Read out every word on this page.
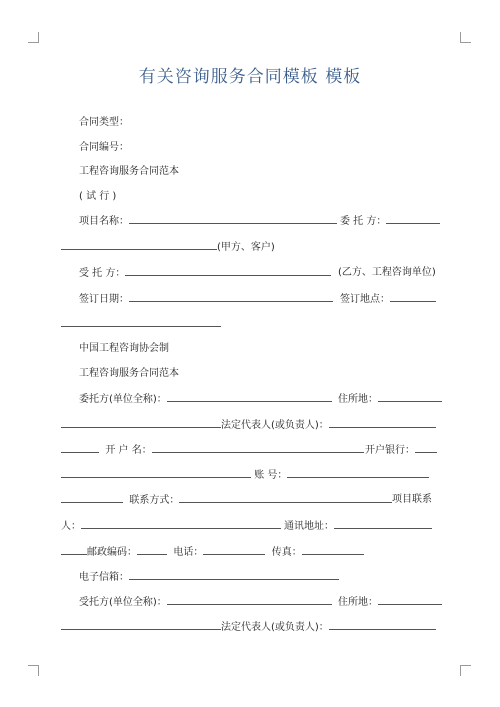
有关咨询服务合同模板 模板
合同类型：
合同编号：
工程咨询服务合同范本
( 试 行 )
项目名称：	委 托 方：
(甲方、客户)
受 托 方：	(乙方、工程咨询单位)
签订日期：	签订地点：
中国工程咨询协会制
工程咨询服务合同范本
委托方(单位全称)：	住所地：
法定代表人(或负责人)：
开 户 名：	开户银行：
账 号：
联系方式：	项目联系
人：	通讯地址：
邮政编码：	电话：	传真：
电子信箱：
受托方(单位全称)：	住所地：
法定代表人(或负责人)：
